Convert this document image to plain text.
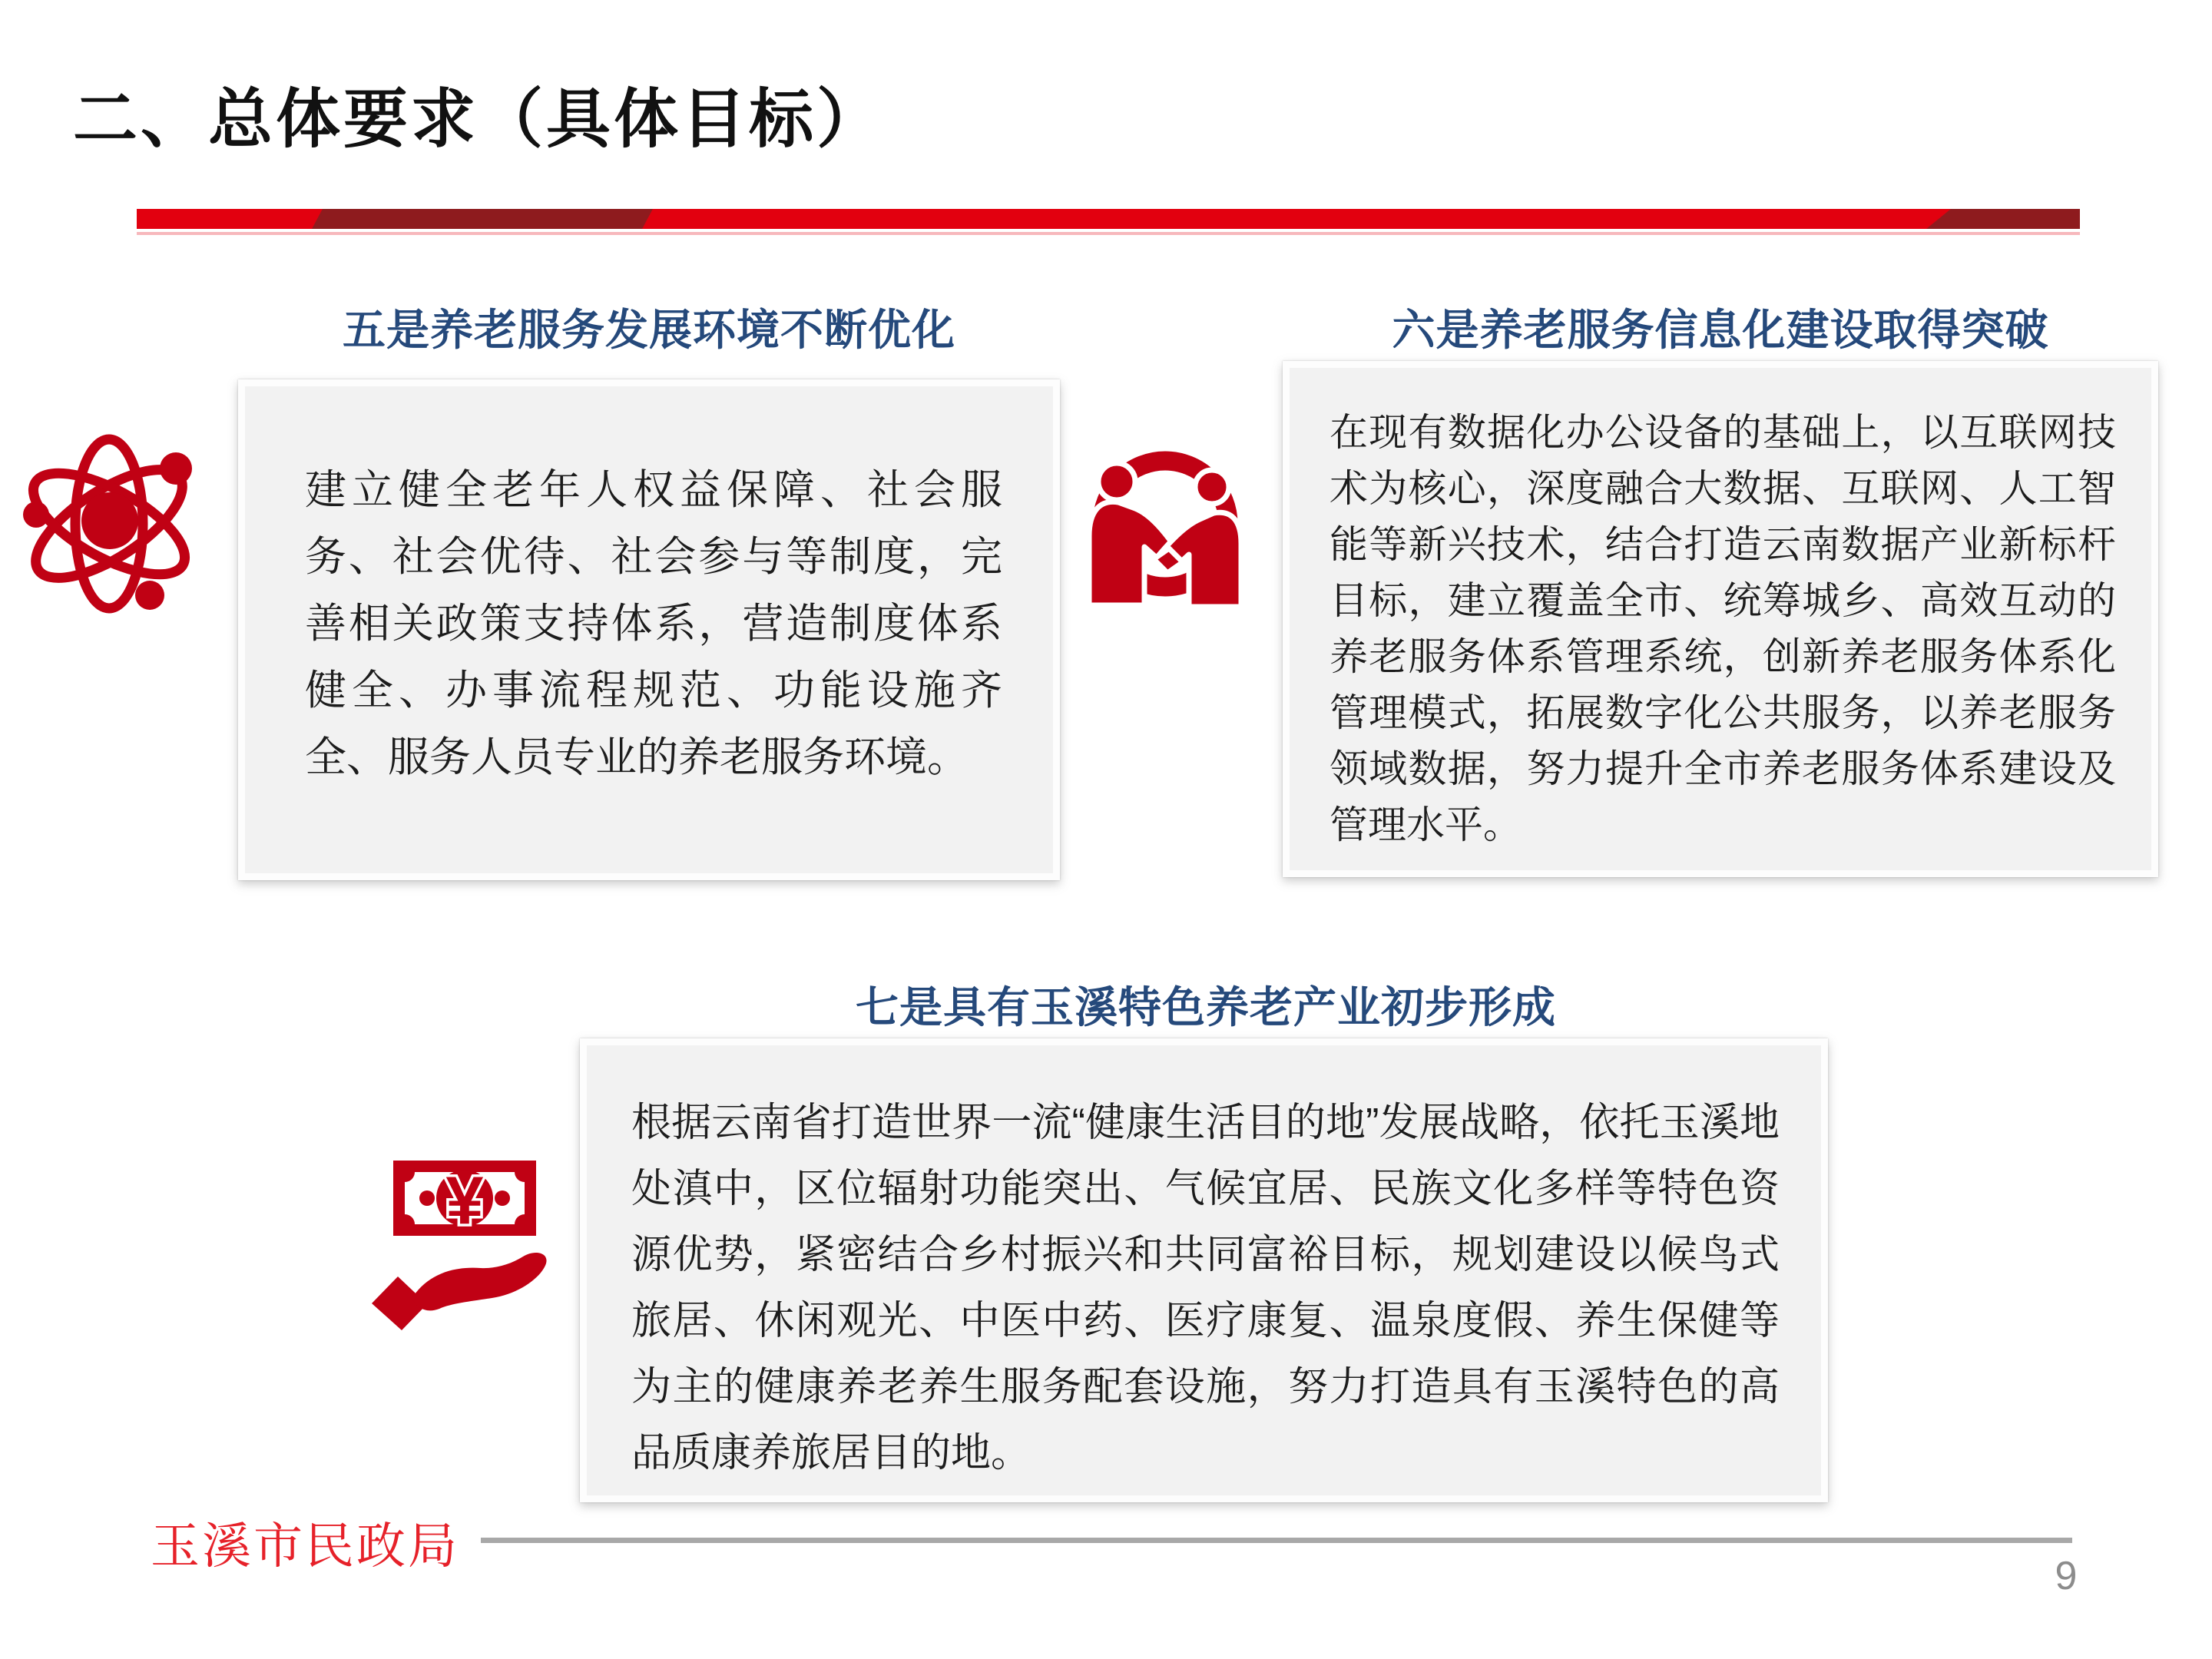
二、总体要求（具体目标）
五是养老服务发展环境不断优化
建立健全老年人权益保障、社会服务、社会优待、社会参与等制度，完善相关政策支持体系，营造制度体系健全、办事流程规范、功能设施齐全、服务人员专业的养老服务环境。
六是养老服务信息化建设取得突破
在现有数据化办公设备的基础上，以互联网技术为核心，深度融合大数据、互联网、人工智能等新兴技术，结合打造云南数据产业新标杆目标，建立覆盖全市、统筹城乡、高效互动的养老服务体系管理系统，创新养老服务体系化管理模式，拓展数字化公共服务，以养老服务领域数据，努力提升全市养老服务体系建设及管理水平。
七是具有玉溪特色养老产业初步形成
根据云南省打造世界一流“健康生活目的地”发展战略，依托玉溪地处滇中，区位辐射功能突出、气候宜居、民族文化多样等特色资源优势，紧密结合乡村振兴和共同富裕目标，规划建设以候鸟式旅居、休闲观光、中医中药、医疗康复、温泉度假、养生保健等为主的健康养老养生服务配套设施，努力打造具有玉溪特色的高品质康养旅居目的地。
¥
玉溪市民政局
9
